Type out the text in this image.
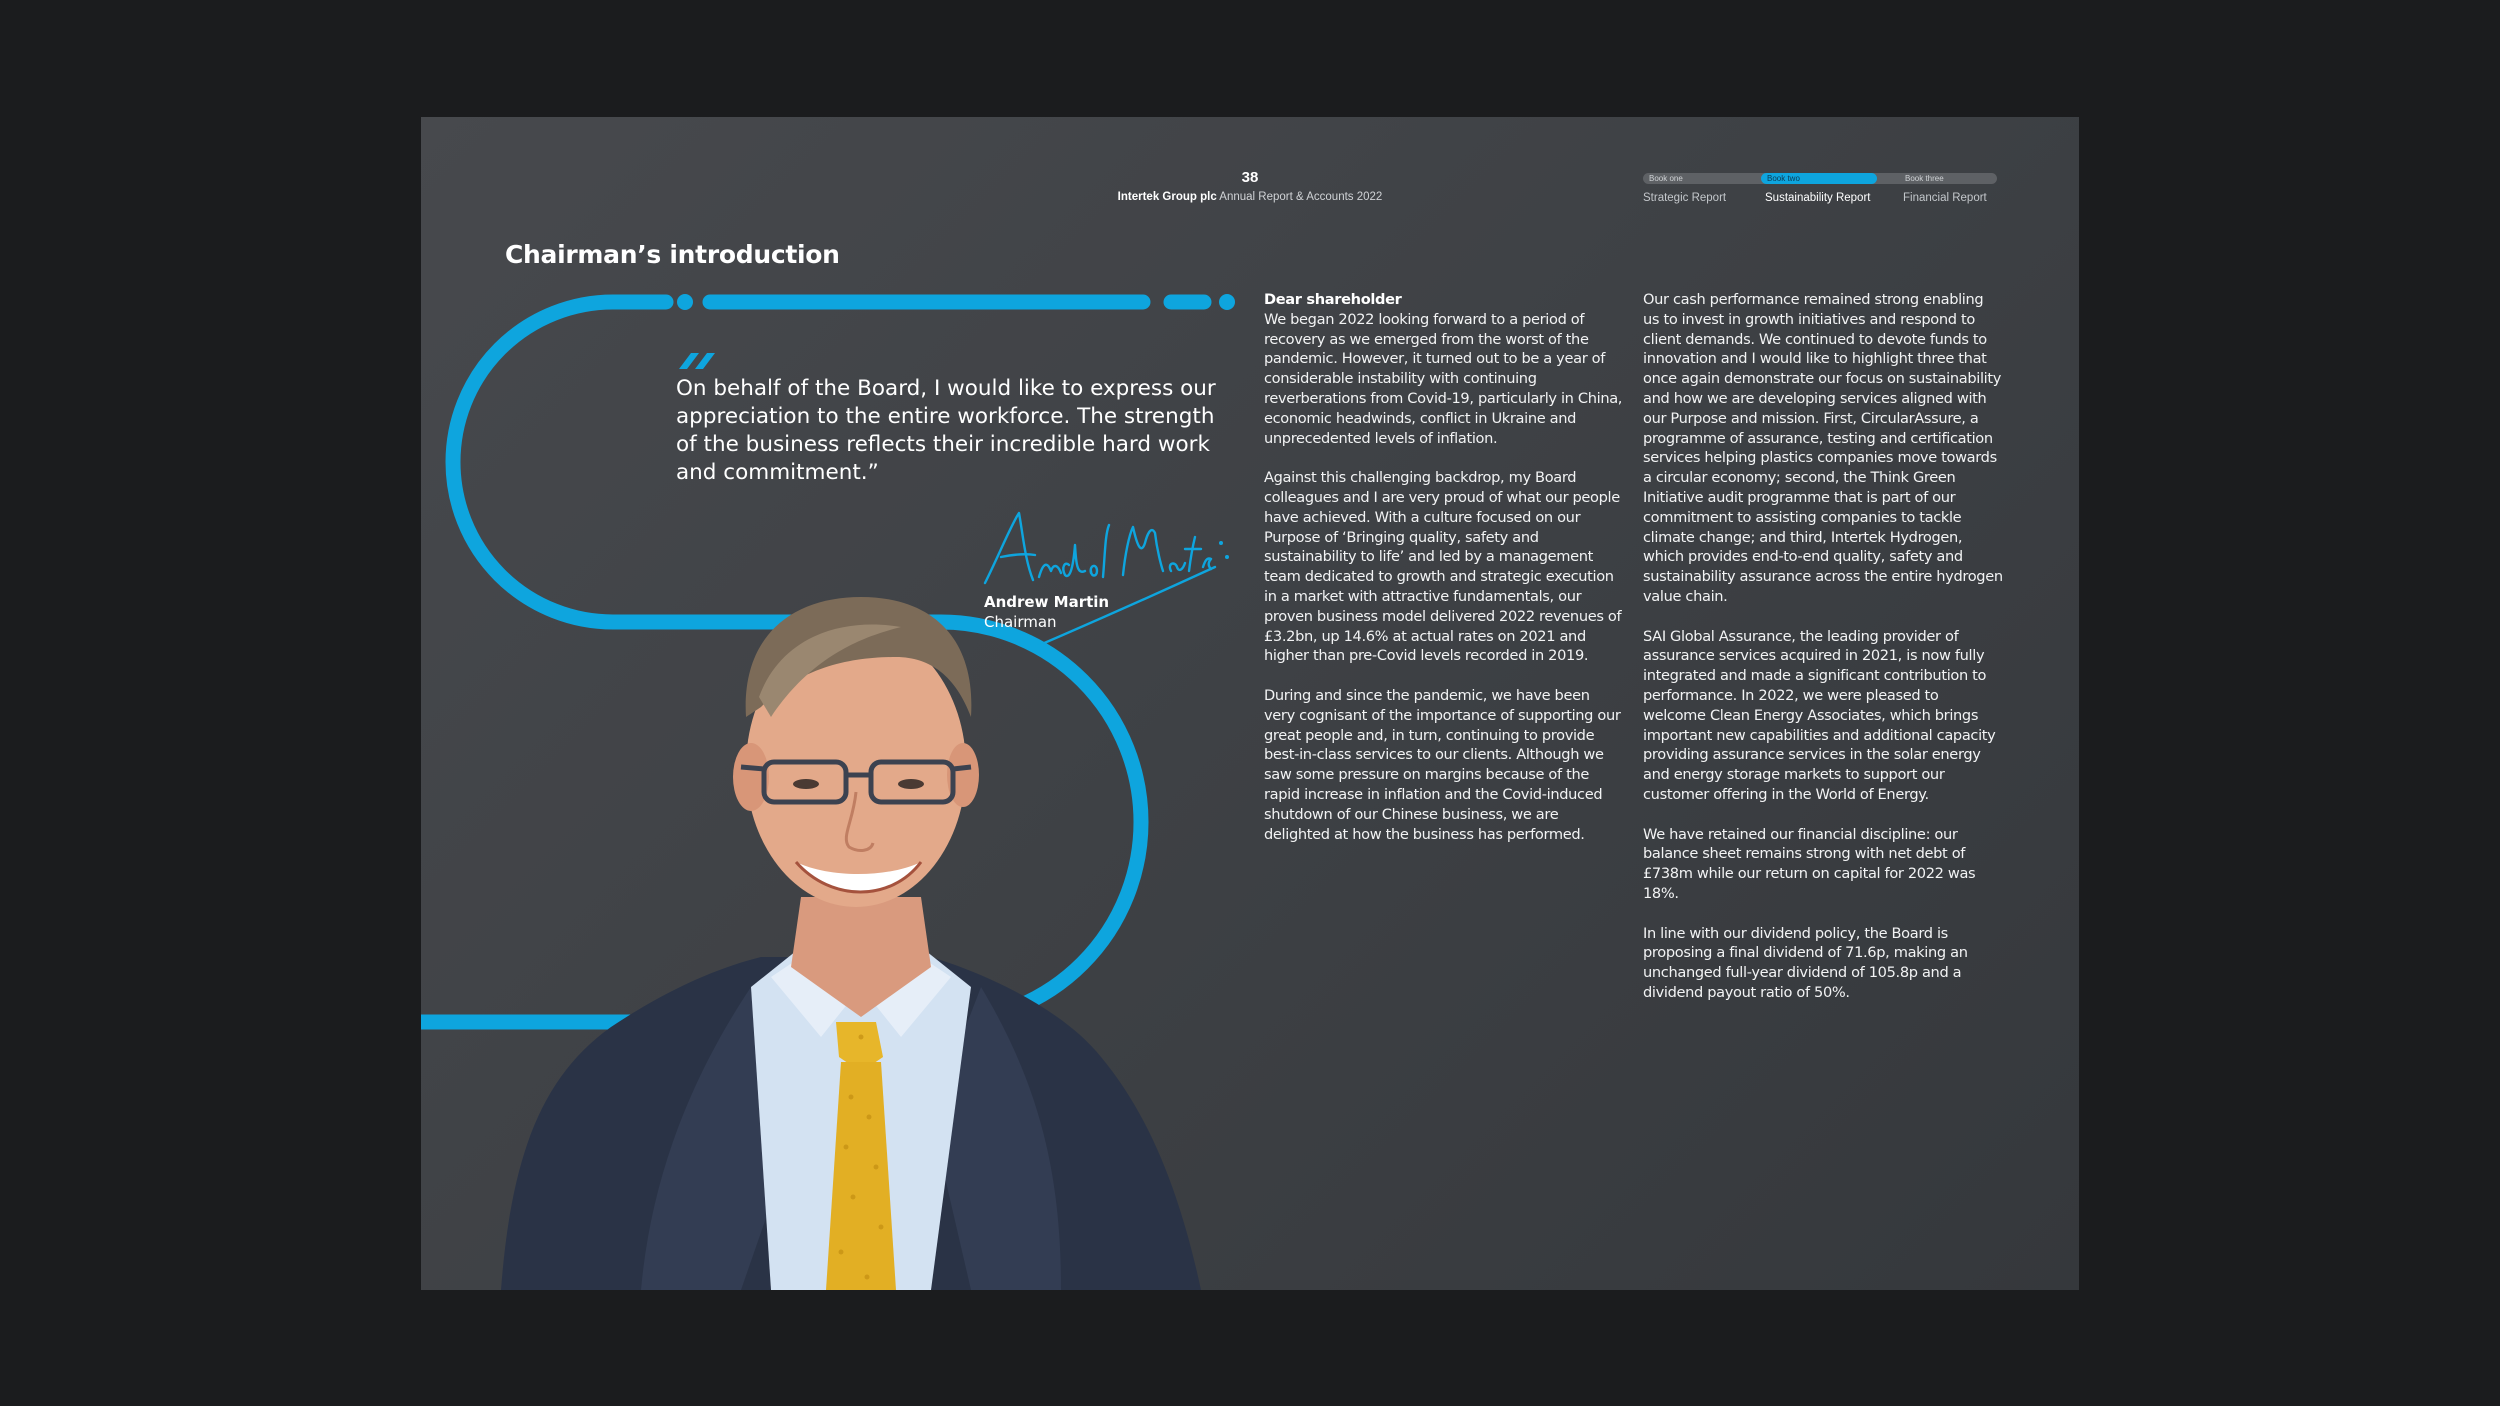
38
Intertek Group plc Annual Report & Accounts 2022
Book one	Book two	Book three
Strategic Report	Sustainability Report	Financial Report
Chairman’s introduction
On behalf of the Board, I would like to express our appreciation to the entire workforce. The strength of the business reflects their incredible hard work and commitment.”
Andrew Martin
Chairman
Dear shareholder

We began 2022 looking forward to a period of recovery as we emerged from the worst of the pandemic. However, it turned out to be a year of considerable instability with continuing reverberations from Covid-19, particularly in China, economic headwinds, conflict in Ukraine and unprecedented levels of inflation.

Against this challenging backdrop, my Board colleagues and I are very proud of what our people have achieved. With a culture focused on our Purpose of ‘Bringing quality, safety and sustainability to life’ and led by a management team dedicated to growth and strategic execution in a market with attractive fundamentals, our proven business model delivered 2022 revenues of £3.2bn, up 14.6% at actual rates on 2021 and higher than pre-Covid levels recorded in 2019.

During and since the pandemic, we have been very cognisant of the importance of supporting our great people and, in turn, continuing to provide best-in-class services to our clients. Although we saw some pressure on margins because of the rapid increase in inflation and the Covid-induced shutdown of our Chinese business, we are delighted at how the business has performed.

Our cash performance remained strong enabling us to invest in growth initiatives and respond to client demands. We continued to devote funds to innovation and I would like to highlight three that once again demonstrate our focus on sustainability and how we are developing services aligned with our Purpose and mission. First, CircularAssure, a programme of assurance, testing and certification services helping plastics companies move towards a circular economy; second, the Think Green Initiative audit programme that is part of our commitment to assisting companies to tackle climate change; and third, Intertek Hydrogen, which provides end-to-end quality, safety and sustainability assurance across the entire hydrogen value chain.

SAI Global Assurance, the leading provider of assurance services acquired in 2021, is now fully integrated and made a significant contribution to performance. In 2022, we were pleased to welcome Clean Energy Associates, which brings important new capabilities and additional capacity providing assurance services in the solar energy and energy storage markets to support our customer offering in the World of Energy.

We have retained our financial discipline: our balance sheet remains strong with net debt of £738m while our return on capital for 2022 was 18%.

In line with our dividend policy, the Board is proposing a final dividend of 71.6p, making an unchanged full-year dividend of 105.8p and a dividend payout ratio of 50%.
